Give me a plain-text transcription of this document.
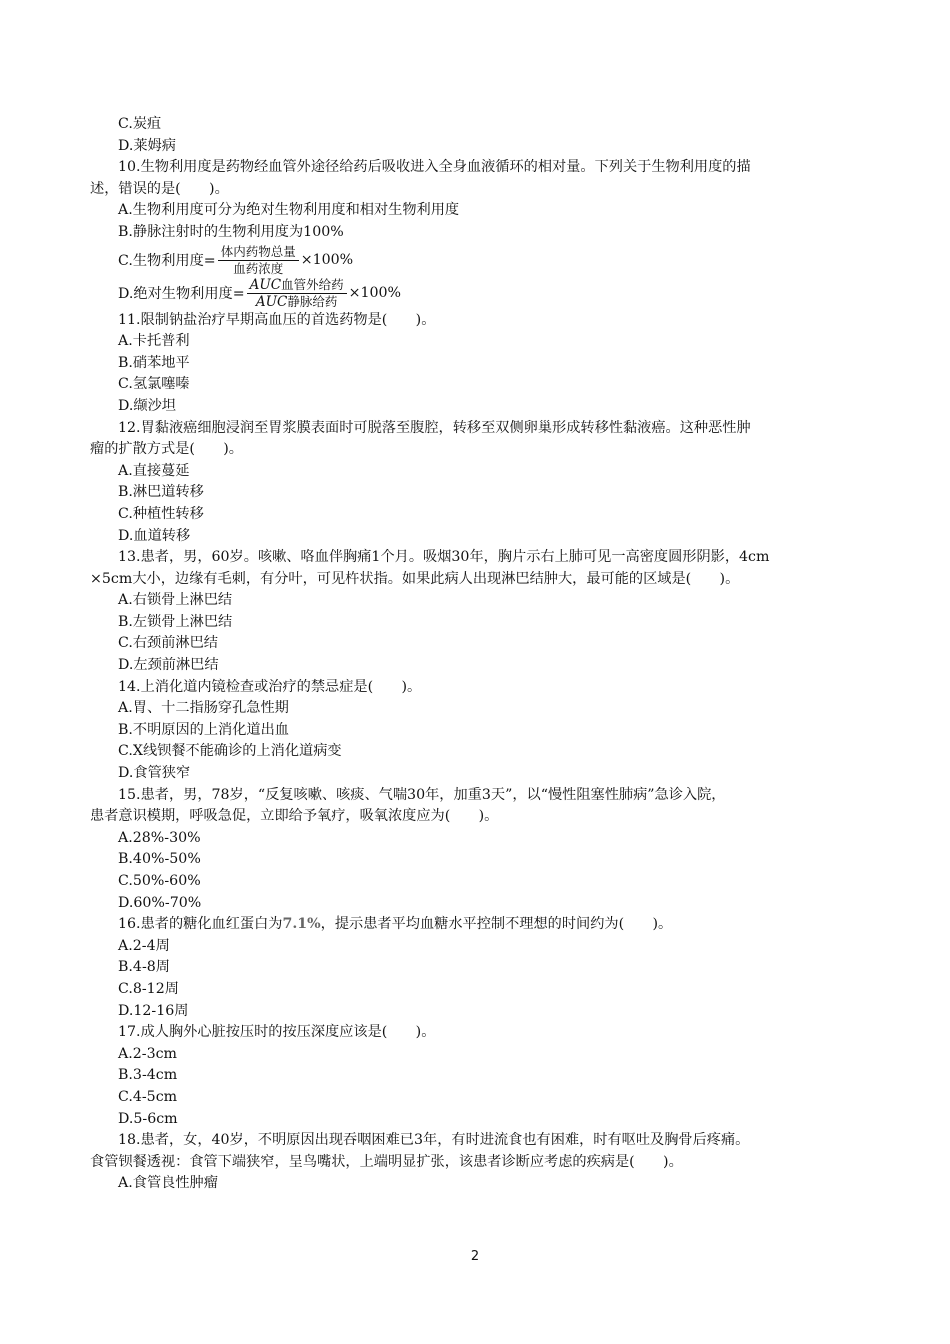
C.炭疽
D.莱姆病
10.生物利用度是药物经血管外途径给药后吸收进入全身血液循环的相对量。下列关于生物利用度的描
述，错误的是(　　)。
A.生物利用度可分为绝对生物利用度和相对生物利用度
B.静脉注射时的生物利用度为100%
C.生物利用度= $\frac{\text{体内药物总量}}{\text{血药浓度}} \times 100\%$
D.绝对生物利用度= $\frac{\text{AUC血管外给药}}{\text{AUC静脉给药}} \times 100\%$
11.限制钠盐治疗早期高血压的首选药物是(　　)。
A.卡托普利
B.硝苯地平
C.氢氯噻嗪
D.缬沙坦
12.胃黏液癌细胞浸润至胃浆膜表面时可脱落至腹腔，转移至双侧卵巢形成转移性黏液癌。这种恶性肿
瘤的扩散方式是(　　)。
A.直接蔓延
B.淋巴道转移
C.种植性转移
D.血道转移
13.患者，男，60岁。咳嗽、咯血伴胸痛1个月。吸烟30年，胸片示右上肺可见一高密度圆形阴影，4cm
×5cm大小，边缘有毛刺，有分叶，可见杵状指。如果此病人出现淋巴结肿大，最可能的区域是(　　)。
A.右锁骨上淋巴结
B.左锁骨上淋巴结
C.右颈前淋巴结
D.左颈前淋巴结
14.上消化道内镜检查或治疗的禁忌症是(　　)。
A.胃、十二指肠穿孔急性期
B.不明原因的上消化道出血
C.X线钡餐不能确诊的上消化道病变
D.食管狭窄
15.患者，男，78岁，“反复咳嗽、咳痰、气喘30年，加重3天”，以“慢性阻塞性肺病”急诊入院，
患者意识模期，呼吸急促，立即给予氧疗，吸氧浓度应为(　　)。
A.28%-30%
B.40%-50%
C.50%-60%
D.60%-70%
16.患者的糖化血红蛋白为7.1%，提示患者平均血糖水平控制不理想的时间约为(　　)。
A.2-4周
B.4-8周
C.8-12周
D.12-16周
17.成人胸外心脏按压时的按压深度应该是(　　)。
A.2-3cm
B.3-4cm
C.4-5cm
D.5-6cm
18.患者，女，40岁，不明原因出现吞咽困难已3年，有时进流食也有困难，时有呕吐及胸骨后疼痛。
食管钡餐透视：食管下端狭窄，呈鸟嘴状，上端明显扩张，该患者诊断应考虑的疾病是(　　)。
A.食管良性肿瘤
2
